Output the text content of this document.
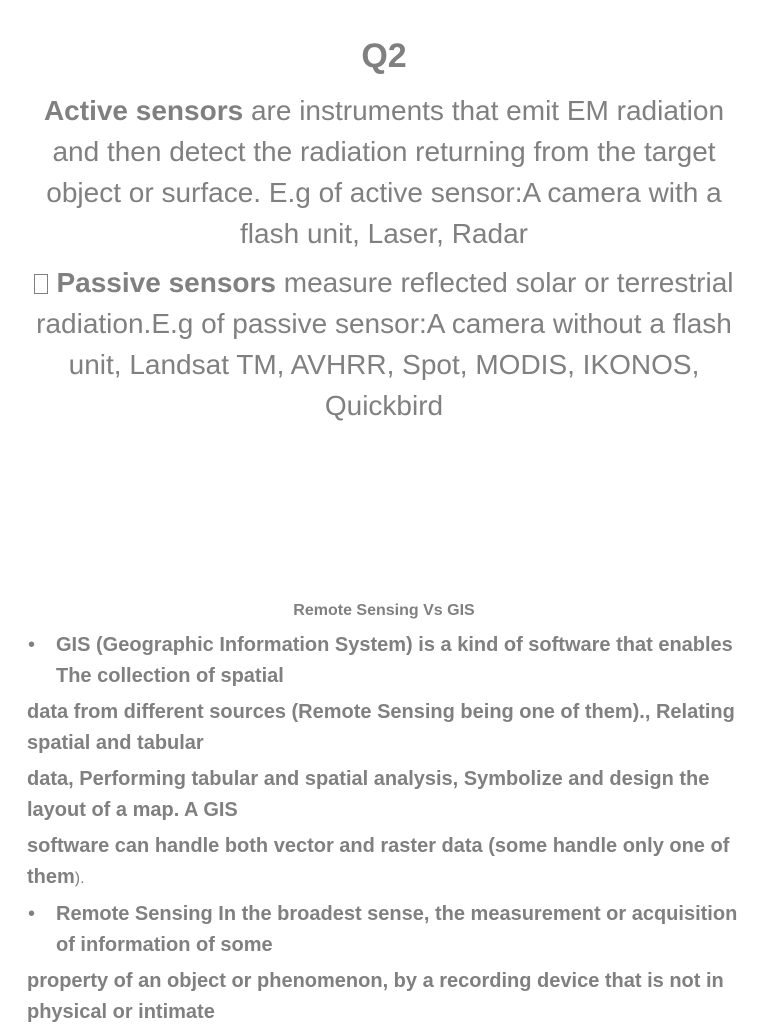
Q2

Active sensors are instruments that emit EM radiation and then detect the radiation returning from the target object or surface. E.g of active sensor:A camera with a flash unit, Laser, Radar

Passive sensors measure reflected solar or terrestrial radiation.E.g of passive sensor:A camera without a flash unit, Landsat TM, AVHRR, Spot, MODIS, IKONOS, Quickbird

Remote Sensing Vs GIS

• GIS (Geographic Information System) is a kind of software that enables The collection of spatial

data from different sources (Remote Sensing being one of them)., Relating spatial and tabular

data, Performing tabular and spatial analysis, Symbolize and design the layout of a map. A GIS

software can handle both vector and raster data (some handle only one of them).

• Remote Sensing In the broadest sense, the measurement or acquisition of information of some

property of an object or phenomenon, by a recording device that is not in physical or intimate
